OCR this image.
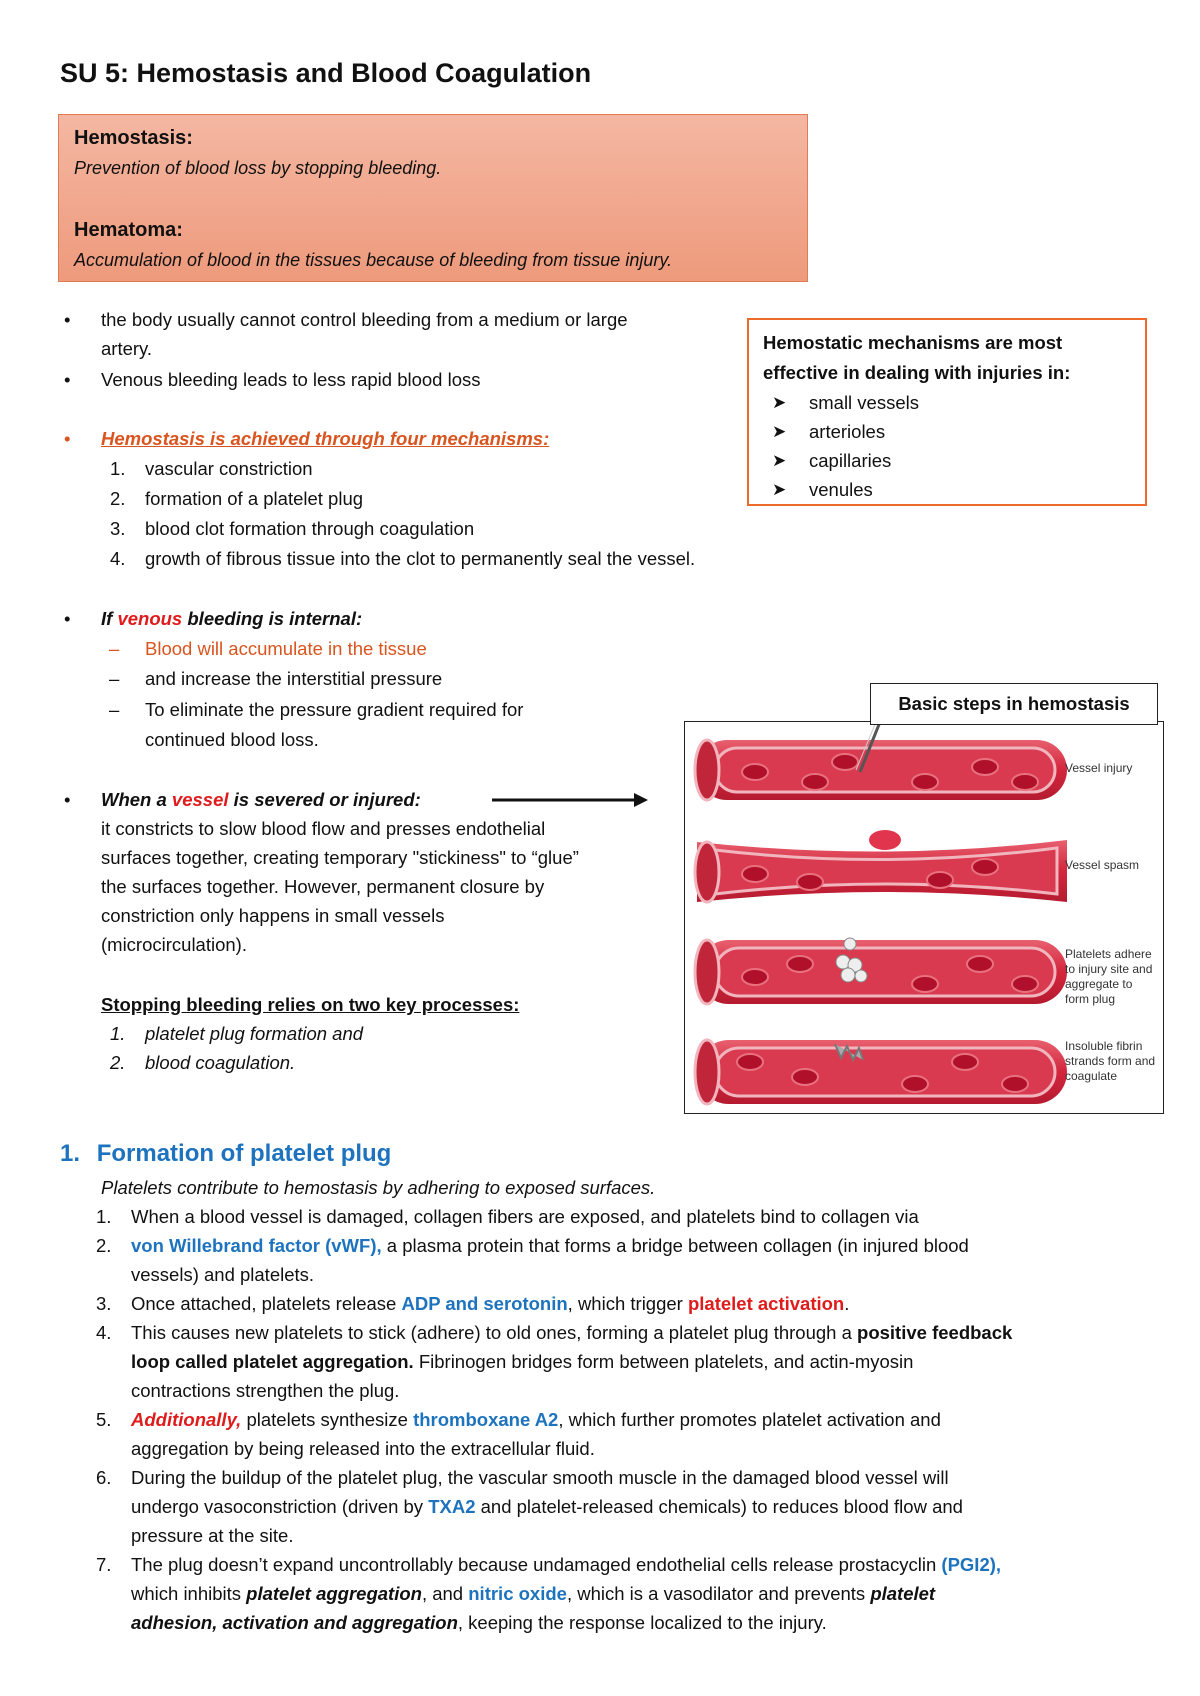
SU 5: Hemostasis and Blood Coagulation
Hemostasis:
Prevention of blood loss by stopping bleeding.
Hematoma:
Accumulation of blood in the tissues because of bleeding from tissue injury.
• the body usually cannot control bleeding from a medium or large
artery.
• Venous bleeding leads to less rapid blood loss
• Hemostasis is achieved through four mechanisms:
1. vascular constriction
2. formation of a platelet plug
3. blood clot formation through coagulation
4. growth of fibrous tissue into the clot to permanently seal the vessel.
Hemostatic mechanisms are most
effective in dealing with injuries in:
➤ small vessels
➤ arterioles
➤ capillaries
➤ venules
• If venous bleeding is internal:
– Blood will accumulate in the tissue
– and increase the interstitial pressure
– To eliminate the pressure gradient required for
continued blood loss.
• When a vessel is severed or injured:
it constricts to slow blood flow and presses endothelial
surfaces together, creating temporary "stickiness" to “glue”
the surfaces together. However, permanent closure by
constriction only happens in small vessels
(microcirculation).
Stopping bleeding relies on two key processes:
1. platelet plug formation and
2. blood coagulation.
Vessel injury
Vessel spasm
Platelets adhere
to injury site and
aggregate to
form plug
Insoluble fibrin
strands form and
coagulate
Basic steps in hemostasis
1. Formation of platelet plug
Platelets contribute to hemostasis by adhering to exposed surfaces.
1. When a blood vessel is damaged, collagen fibers are exposed, and platelets bind to collagen via
2. von Willebrand factor (vWF), a plasma protein that forms a bridge between collagen (in injured blood
vessels) and platelets.
3. Once attached, platelets release ADP and serotonin, which trigger platelet activation.
4. This causes new platelets to stick (adhere) to old ones, forming a platelet plug through a positive feedback
loop called platelet aggregation. Fibrinogen bridges form between platelets, and actin-myosin
contractions strengthen the plug.
5. Additionally, platelets synthesize thromboxane A2, which further promotes platelet activation and
aggregation by being released into the extracellular fluid.
6. During the buildup of the platelet plug, the vascular smooth muscle in the damaged blood vessel will
undergo vasoconstriction (driven by TXA2 and platelet-released chemicals) to reduces blood flow and
pressure at the site.
7. The plug doesn’t expand uncontrollably because undamaged endothelial cells release prostacyclin (PGI2),
which inhibits platelet aggregation, and nitric oxide, which is a vasodilator and prevents platelet
adhesion, activation and aggregation, keeping the response localized to the injury.
